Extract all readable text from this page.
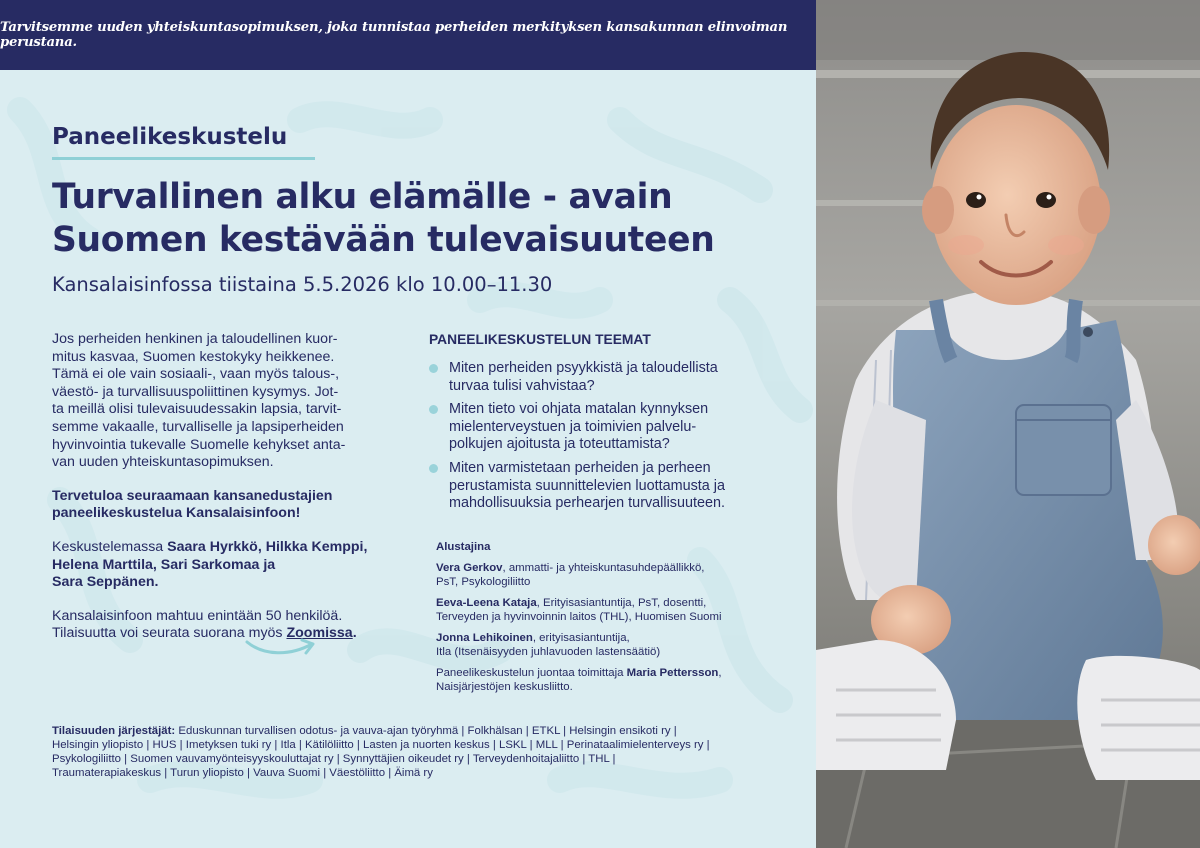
Tarvitsemme uuden yhteiskuntasopimuksen, joka tunnistaa perheiden merkityksen kansakunnan elinvoiman perustana.
Paneelikeskustelu
Turvallinen alku elämälle - avain
Suomen kestävään tulevaisuuteen
Kansalaisinfossa tiistaina 5.5.2026 klo 10.00–11.30

Jos perheiden henkinen ja taloudellinen kuor-
mitus kasvaa, Suomen kestokyky heikkenee.
Tämä ei ole vain sosiaali-, vaan myös talous-,
väestö- ja turvallisuuspoliittinen kysymys. Jot-
ta meillä olisi tulevaisuudessakin lapsia, tarvit-
semme vakaalle, turvalliselle ja lapsiperheiden
hyvinvointia tukevalle Suomelle kehykset anta-
van uuden yhteiskuntasopimuksen.

Tervetuloa seuraamaan kansanedustajien
paneelikeskustelua Kansalaisinfoon!

Keskustelemassa Saara Hyrkkö, Hilkka Kemppi,
Helena Marttila, Sari Sarkomaa ja
Sara Seppänen.

Kansalaisinfoon mahtuu enintään 50 henkilöä.
Tilaisuutta voi seurata suorana myös Zoomissa.

PANEELIKESKUSTELUN TEEMAT
Miten perheiden psyykkistä ja taloudellista
turvaa tulisi vahvistaa?
Miten tieto voi ohjata matalan kynnyksen
mielenterveystuen ja toimivien palvelu-
polkujen ajoitusta ja toteuttamista?
Miten varmistetaan perheiden ja perheen
perustamista suunnittelevien luottamusta ja
mahdollisuuksia perhearjen turvallisuuteen.
Alustajina
Vera Gerkov, ammatti- ja yhteiskuntasuhdepäällikkö,
PsT, Psykologiliitto
Eeva-Leena Kataja, Erityisasiantuntija, PsT, dosentti,
Terveyden ja hyvinvoinnin laitos (THL), Huomisen Suomi
Jonna Lehikoinen, erityisasiantuntija,
Itla (Itsenäisyyden juhlavuoden lastensäätiö)
Paneelikeskustelun juontaa toimittaja Maria Pettersson,
Naisjärjestöjen keskusliitto.
Tilaisuuden järjestäjät: Eduskunnan turvallisen odotus- ja vauva-ajan työryhmä | Folkhälsan | ETKL | Helsingin ensikoti ry |
Helsingin yliopisto | HUS | Imetyksen tuki ry | Itla | Kätilöliitto | Lasten ja nuorten keskus | LSKL | MLL | Perinataalimielenterveys ry |
Psykologiliitto | Suomen vauvamyönteisyyskouluttajat ry | Synnyttäjien oikeudet ry | Terveydenhoitajaliitto | THL |
Traumaterapiakeskus | Turun yliopisto | Vauva Suomi | Väestöliitto | Äimä ry
